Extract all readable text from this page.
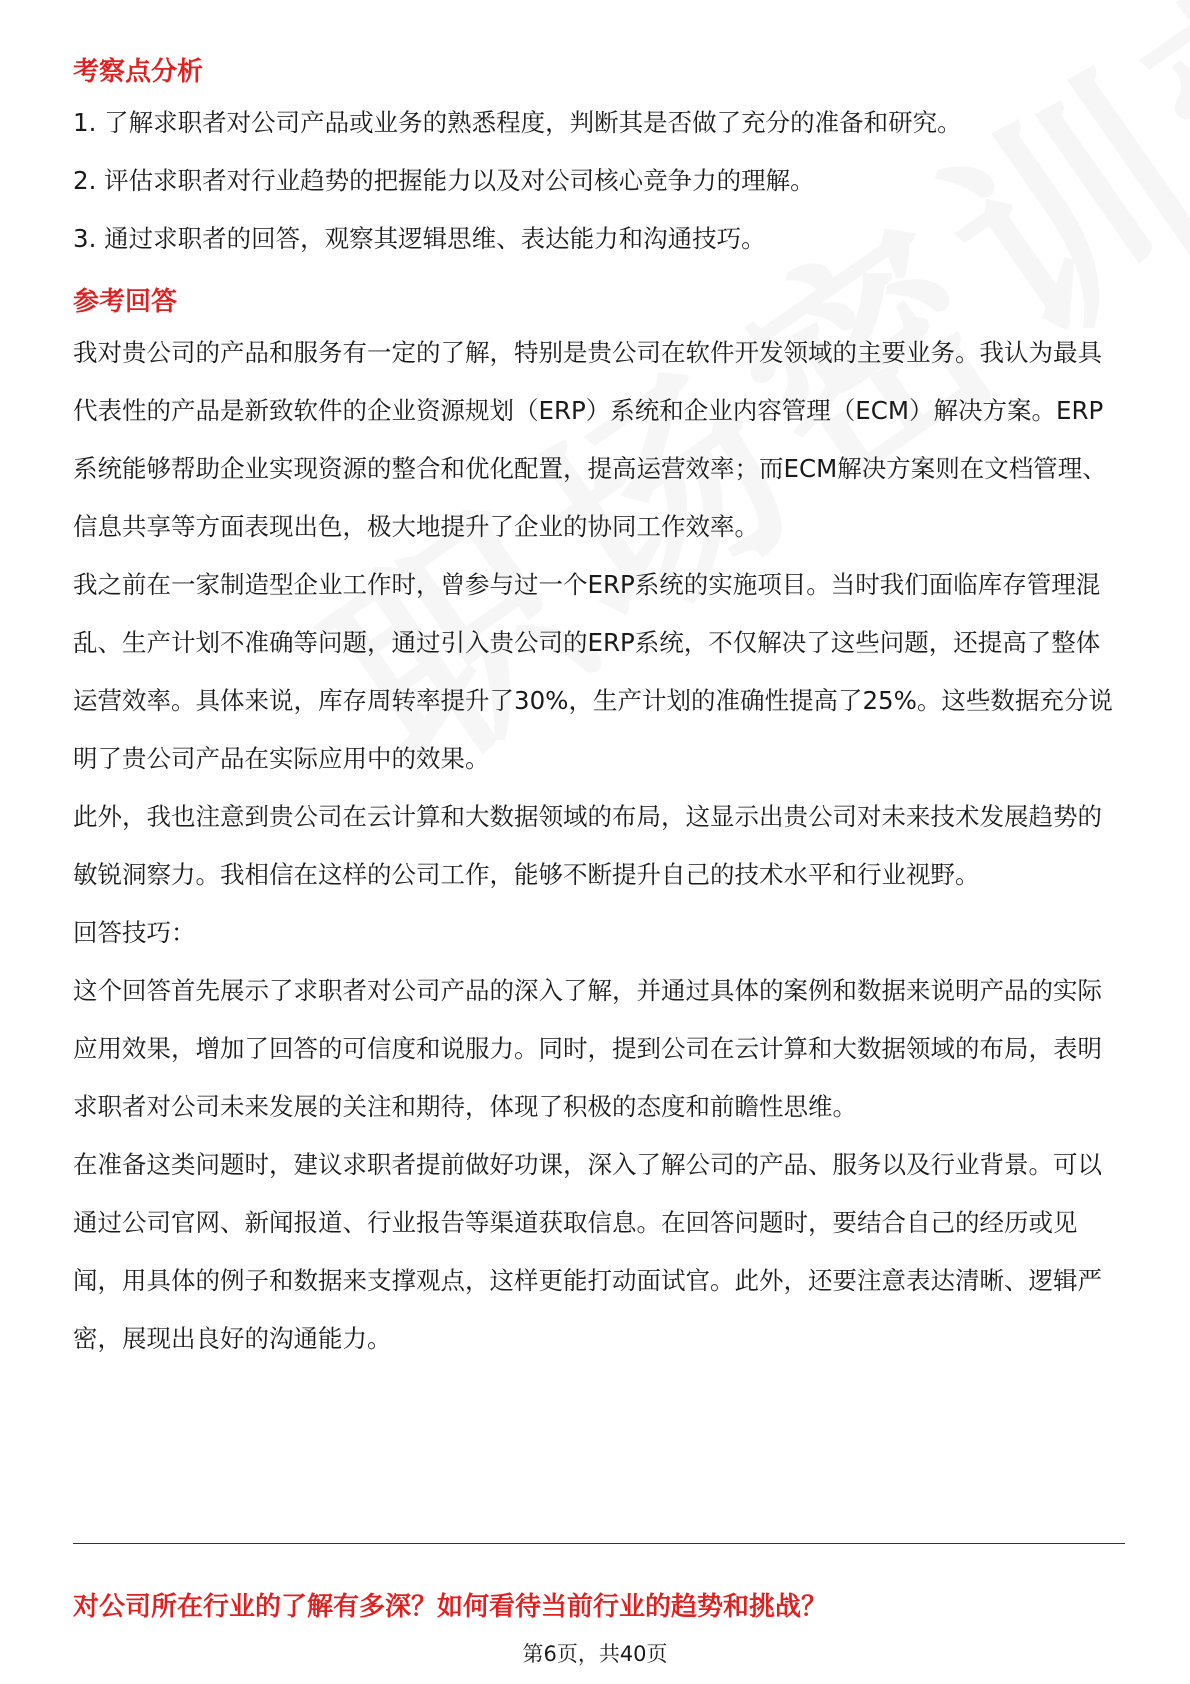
考察点分析
1. 了解求职者对公司产品或业务的熟悉程度，判断其是否做了充分的准备和研究。
2. 评估求职者对行业趋势的把握能力以及对公司核心竞争力的理解。
3. 通过求职者的回答，观察其逻辑思维、表达能力和沟通技巧。
参考回答

我对贵公司的产品和服务有一定的了解，特别是贵公司在软件开发领域的主要业务。我认为最具代表性的产品是新致软件的企业资源规划（ERP）系统和企业内容管理（ECM）解决方案。ERP系统能够帮助企业实现资源的整合和优化配置，提高运营效率；而ECM解决方案则在文档管理、信息共享等方面表现出色，极大地提升了企业的协同工作效率。

我之前在一家制造型企业工作时，曾参与过一个ERP系统的实施项目。当时我们面临库存管理混乱、生产计划不准确等问题，通过引入贵公司的ERP系统，不仅解决了这些问题，还提高了整体运营效率。具体来说，库存周转率提升了30%，生产计划的准确性提高了25%。这些数据充分说明了贵公司产品在实际应用中的效果。

此外，我也注意到贵公司在云计算和大数据领域的布局，这显示出贵公司对未来技术发展趋势的敏锐洞察力。我相信在这样的公司工作，能够不断提升自己的技术水平和行业视野。

回答技巧：

这个回答首先展示了求职者对公司产品的深入了解，并通过具体的案例和数据来说明产品的实际应用效果，增加了回答的可信度和说服力。同时，提到公司在云计算和大数据领域的布局，表明求职者对公司未来发展的关注和期待，体现了积极的态度和前瞻性思维。

在准备这类问题时，建议求职者提前做好功课，深入了解公司的产品、服务以及行业背景。可以通过公司官网、新闻报道、行业报告等渠道获取信息。在回答问题时，要结合自己的经历或见闻，用具体的例子和数据来支撑观点，这样更能打动面试官。此外，还要注意表达清晰、逻辑严密，展现出良好的沟通能力。

对公司所在行业的了解有多深？如何看待当前行业的趋势和挑战？
第6页，共40页
